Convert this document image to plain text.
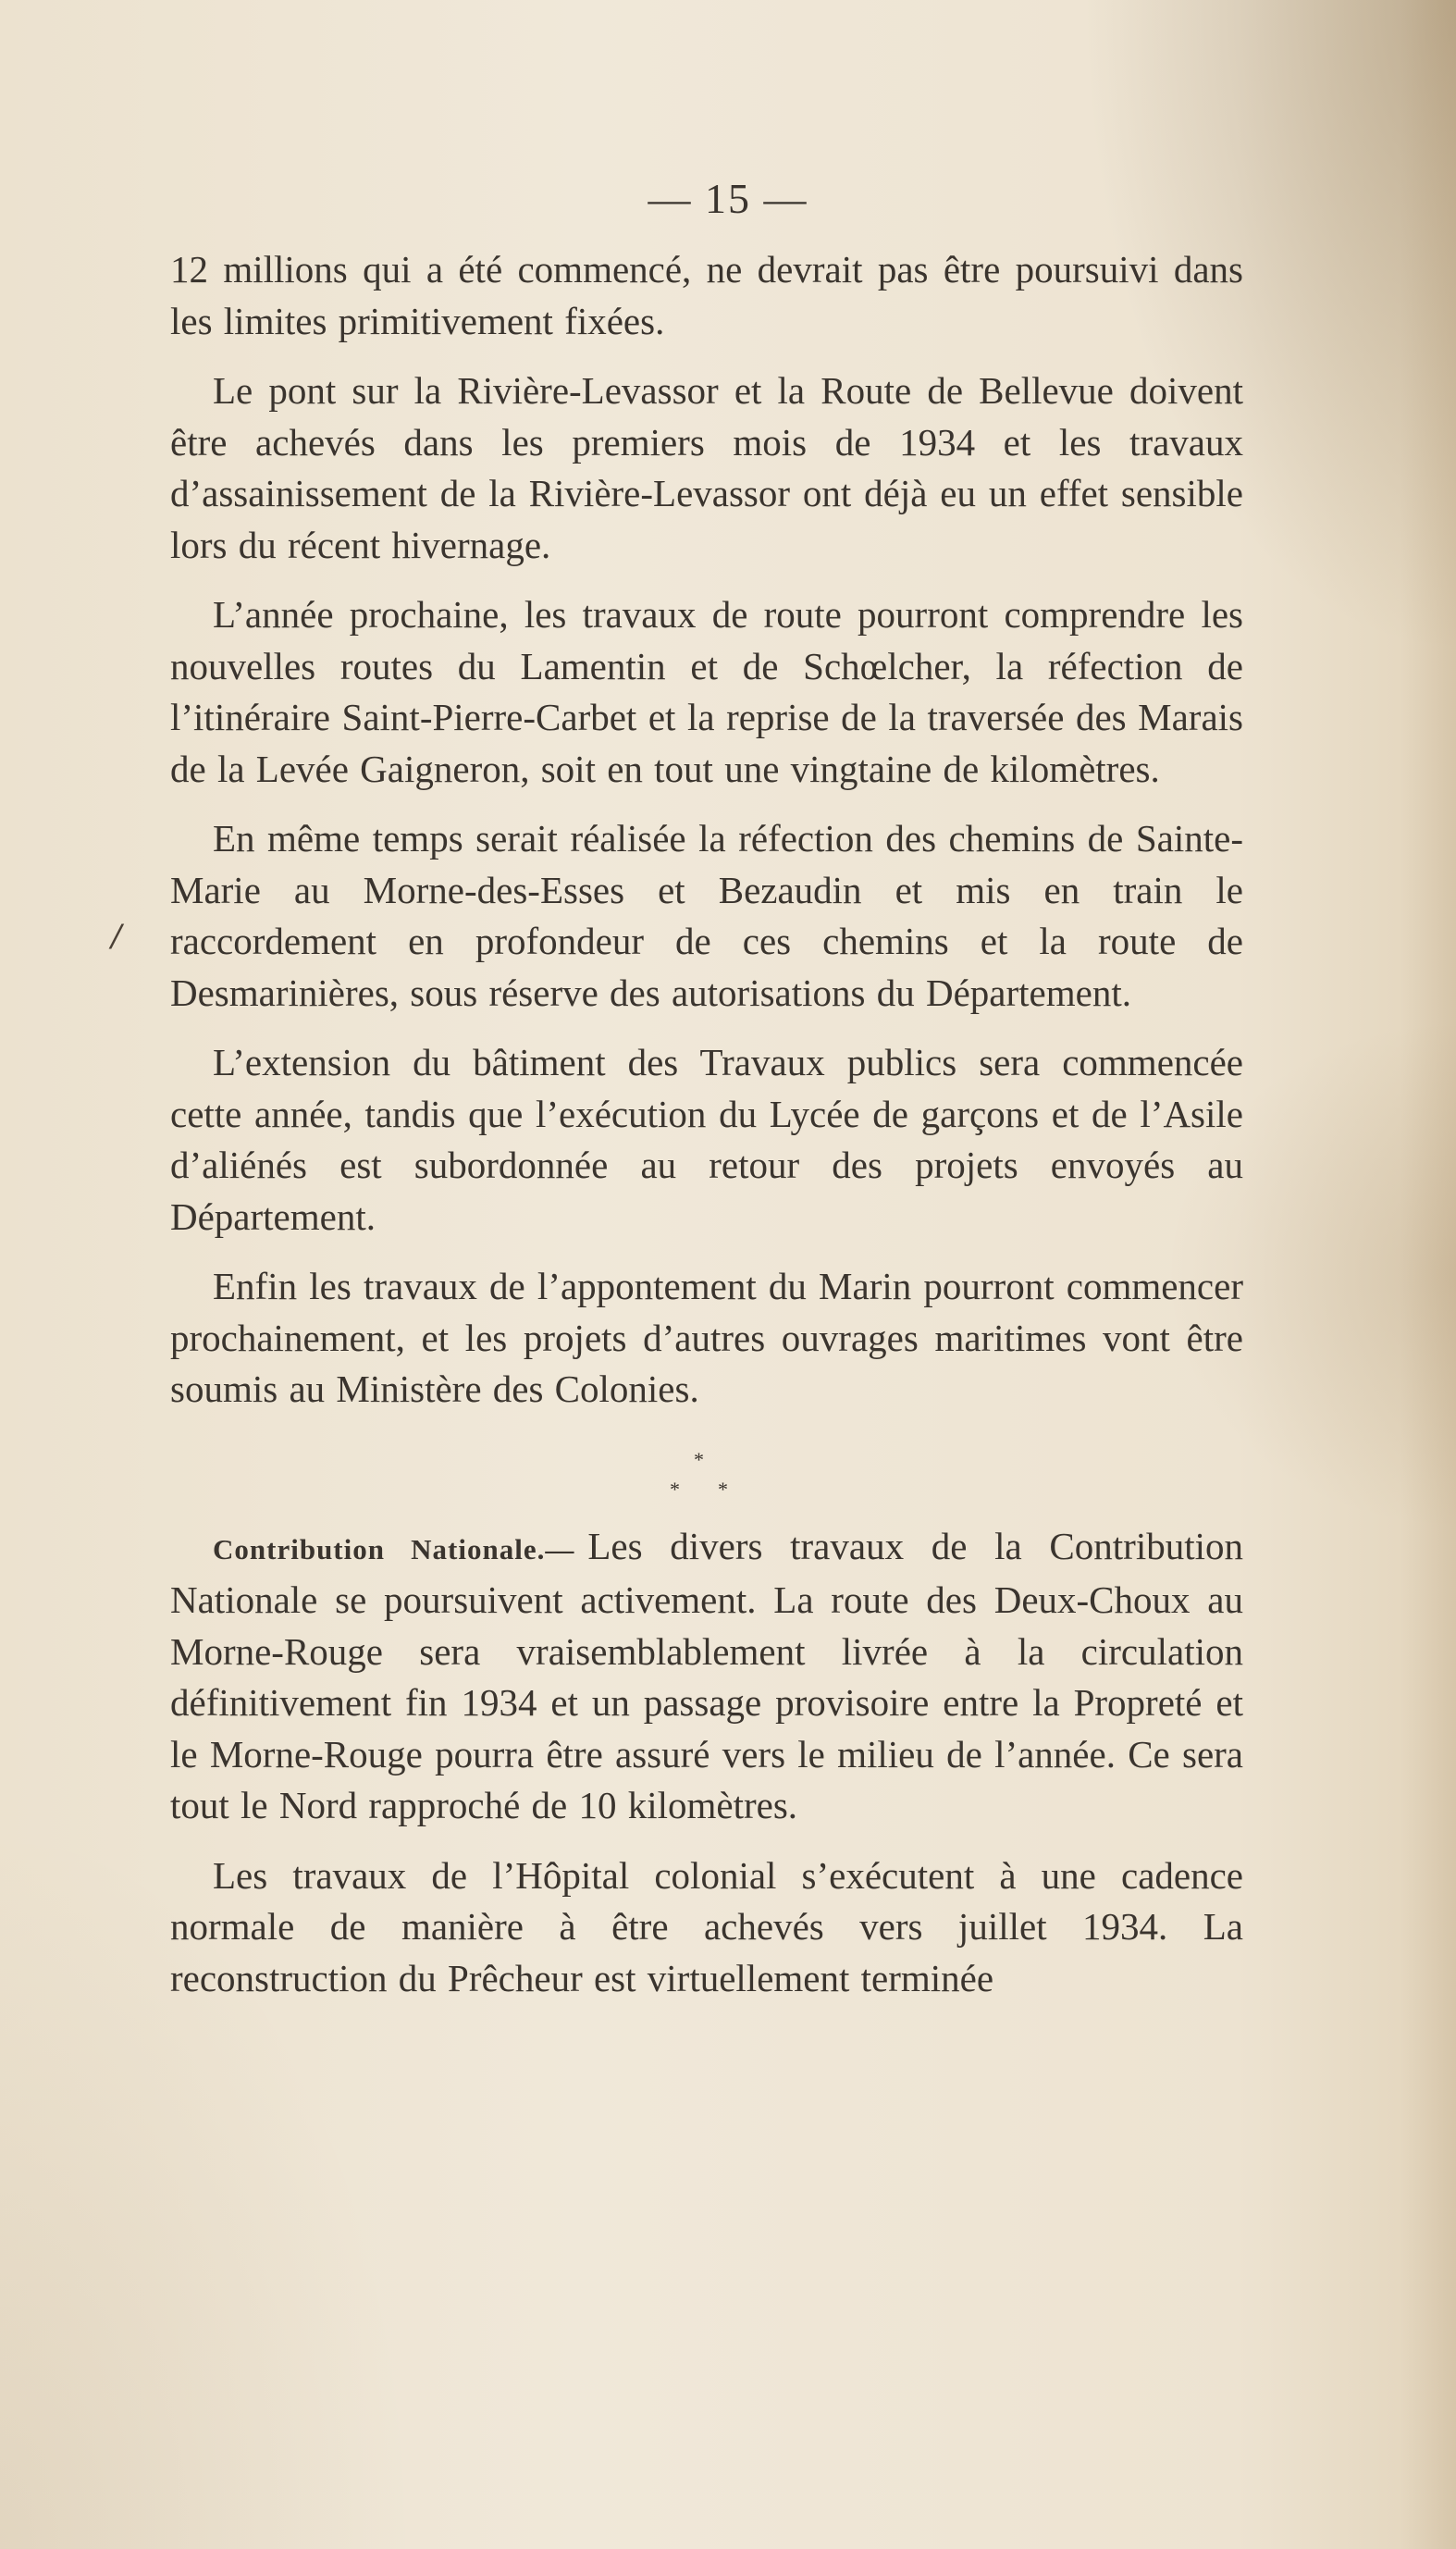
— 15 —
/

12 millions qui a été commencé, ne devrait pas être poursuivi dans les limites primitivement fixées.

Le pont sur la Rivière-Levassor et la Route de Bellevue doivent être achevés dans les premiers mois de 1934 et les travaux d’assainissement de la Rivière-Levassor ont déjà eu un effet sensible lors du récent hivernage.

L’année prochaine, les travaux de route pourront comprendre les nouvelles routes du Lamentin et de Schœlcher, la réfection de l’itinéraire Saint-Pierre-Carbet et la reprise de la traversée des Marais de la Levée Gaigneron, soit en tout une vingtaine de kilomètres.

En même temps serait réalisée la réfection des chemins de Sainte-Marie au Morne-des-Esses et Bezaudin et mis en train le raccordement en profondeur de ces chemins et la route de Desmarinières, sous réserve des autorisations du Département.

L’extension du bâtiment des Travaux publics sera commencée cette année, tandis que l’exécution du Lycée de garçons et de l’Asile d’aliénés est subordonnée au retour des projets envoyés au Département.

Enfin les travaux de l’appontement du Marin pourront commencer prochainement, et les projets d’autres ouvrages maritimes vont être soumis au Ministère des Colonies.

*
* *

Contribution Nationale.— Les divers travaux de la Contribution Nationale se poursuivent activement. La route des Deux-Choux au Morne-Rouge sera vraisemblablement livrée à la circulation définitivement fin 1934 et un passage provisoire entre la Propreté et le Morne-Rouge pourra être assuré vers le milieu de l’année. Ce sera tout le Nord rapproché de 10 kilomètres.

Les travaux de l’Hôpital colonial s’exécutent à une cadence normale de manière à être achevés vers juillet 1934. La reconstruction du Prêcheur est virtuellement terminée
